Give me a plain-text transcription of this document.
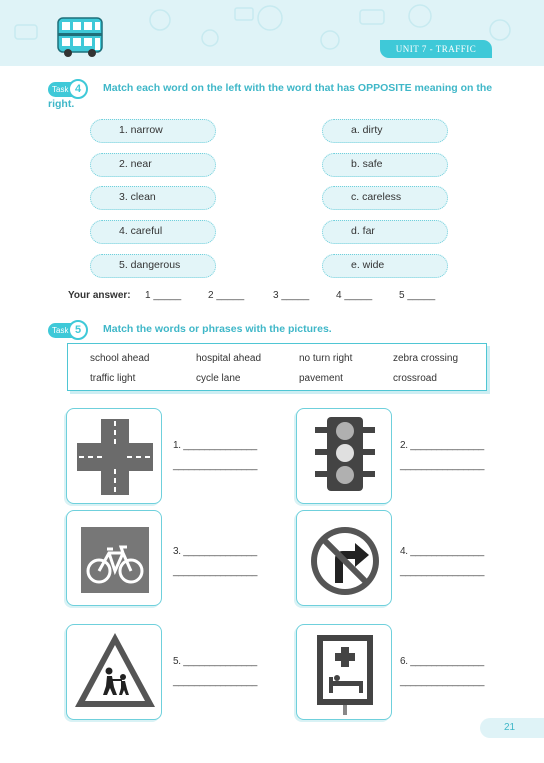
UNIT 7 - TRAFFIC
Task 4	Match each word on the left with the word that has OPPOSITE meaning on the
right.
1. narrow
2. near
3. clean
4. careful
5. dangerous
a. dirty
b. safe
c. careless
d. far
e. wide
Your answer: 1 _____	2 _____	3 _____	4 _____	5 _____
Task 5	Match the words or phrases with the pictures.
school ahead	hospital ahead	no turn right	zebra crossing
traffic light	cycle lane	pavement	crossroad
1. ______________
________________
2. ______________
________________
3. ______________
________________
4. ______________
________________
5. ______________
________________
6. ______________
________________
21
